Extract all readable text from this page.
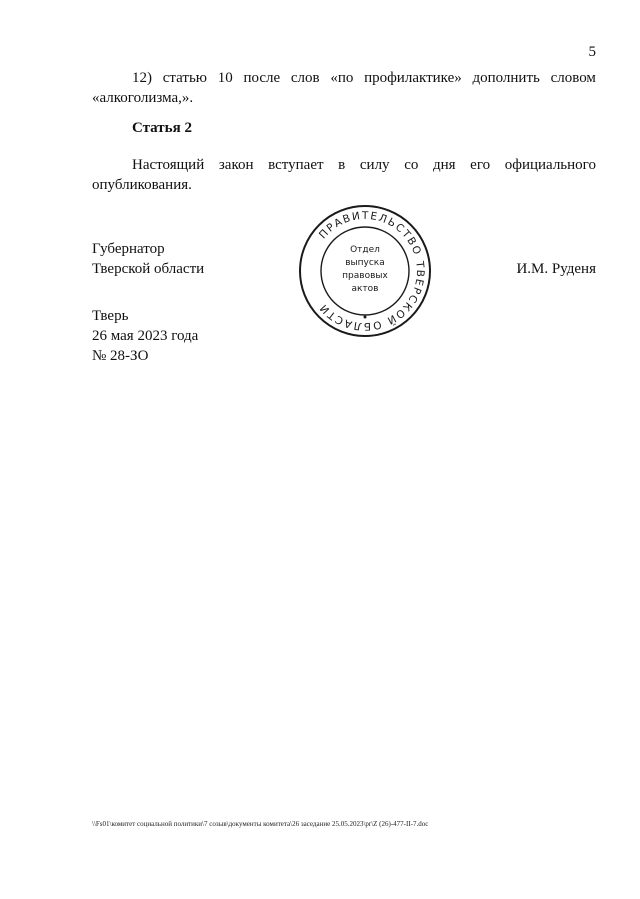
5
12) статью 10 после слов «по профилактике» дополнить словом
«алкоголизма,».
Статья 2
Настоящий закон вступает в силу со дня его официального
опубликования.
Губернатор
Тверской области
ПРАВИТЕЛЬСТВО ТВЕРСКОЙ ОБЛАСТИ
Отдел
выпуска
правовых
актов
И.М. Руденя
Тверь
26 мая 2023 года
№ 28-ЗО
\\Fs01\комитет социальной политики\7 созыв\документы комитета\26 заседание 25.05.2023\pr\Z (26)-477-II-7.doc
